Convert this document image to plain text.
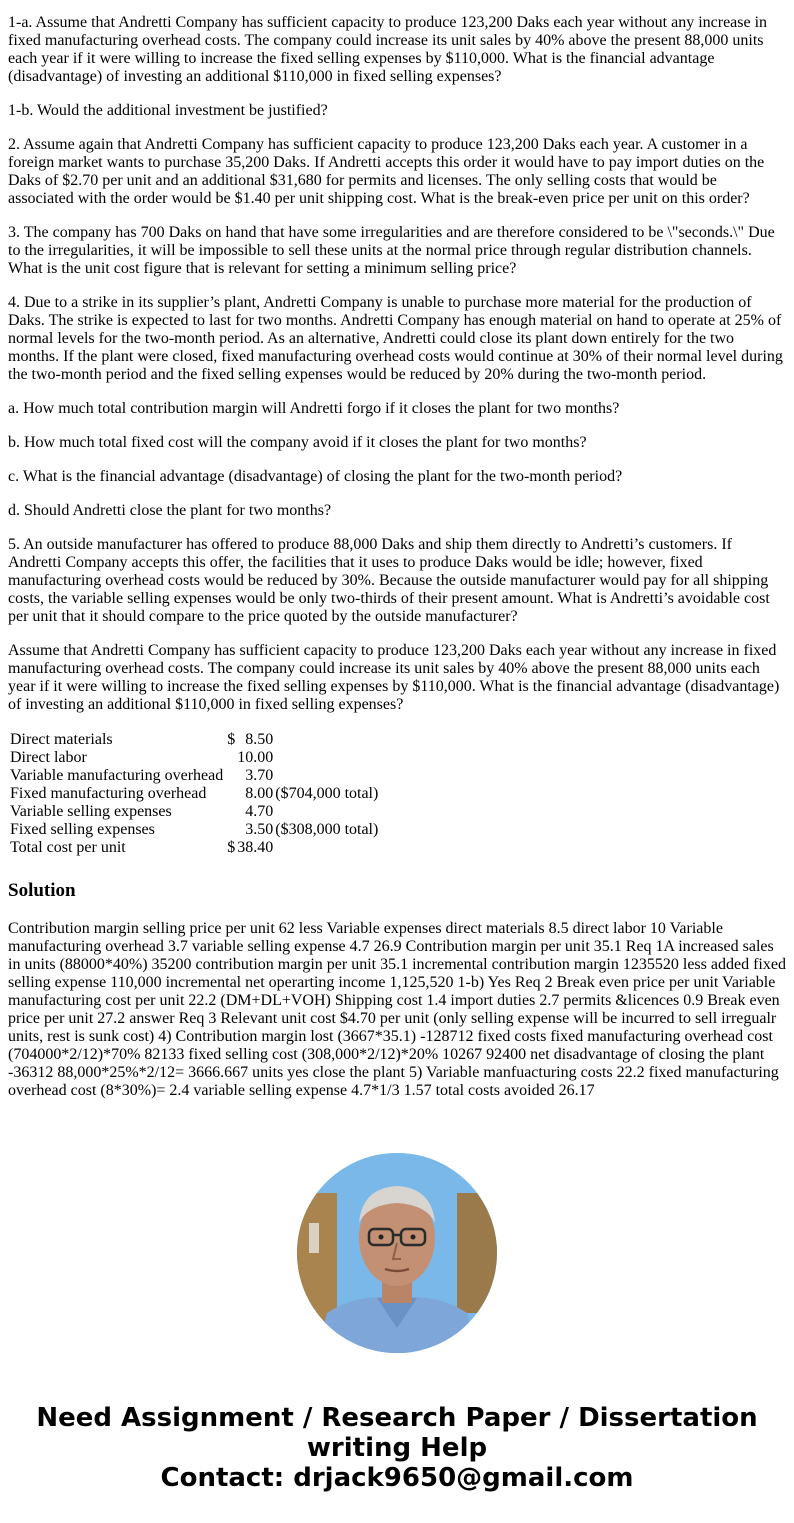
1-a. Assume that Andretti Company has sufficient capacity to produce 123,200 Daks each year without any increase in fixed manufacturing overhead costs. The company could increase its unit sales by 40% above the present 88,000 units each year if it were willing to increase the fixed selling expenses by $110,000. What is the financial advantage (disadvantage) of investing an additional $110,000 in fixed selling expenses?

1-b. Would the additional investment be justified?

2. Assume again that Andretti Company has sufficient capacity to produce 123,200 Daks each year. A customer in a foreign market wants to purchase 35,200 Daks. If Andretti accepts this order it would have to pay import duties on the Daks of $2.70 per unit and an additional $31,680 for permits and licenses. The only selling costs that would be associated with the order would be $1.40 per unit shipping cost. What is the break-even price per unit on this order?

3. The company has 700 Daks on hand that have some irregularities and are therefore considered to be \"seconds.\" Due to the irregularities, it will be impossible to sell these units at the normal price through regular distribution channels. What is the unit cost figure that is relevant for setting a minimum selling price?

4. Due to a strike in its supplier’s plant, Andretti Company is unable to purchase more material for the production of Daks. The strike is expected to last for two months. Andretti Company has enough material on hand to operate at 25% of normal levels for the two-month period. As an alternative, Andretti could close its plant down entirely for the two months. If the plant were closed, fixed manufacturing overhead costs would continue at 30% of their normal level during the two-month period and the fixed selling expenses would be reduced by 20% during the two-month period.

a. How much total contribution margin will Andretti forgo if it closes the plant for two months?

b. How much total fixed cost will the company avoid if it closes the plant for two months?

c. What is the financial advantage (disadvantage) of closing the plant for the two-month period?

d. Should Andretti close the plant for two months?

5. An outside manufacturer has offered to produce 88,000 Daks and ship them directly to Andretti’s customers. If Andretti Company accepts this offer, the facilities that it uses to produce Daks would be idle; however, fixed manufacturing overhead costs would be reduced by 30%. Because the outside manufacturer would pay for all shipping costs, the variable selling expenses would be only two-thirds of their present amount. What is Andretti’s avoidable cost per unit that it should compare to the price quoted by the outside manufacturer?

Assume that Andretti Company has sufficient capacity to produce 123,200 Daks each year without any increase in fixed manufacturing overhead costs. The company could increase its unit sales by 40% above the present 88,000 units each year if it were willing to increase the fixed selling expenses by $110,000. What is the financial advantage (disadvantage) of investing an additional $110,000 in fixed selling expenses?

Direct materials	$	8.50	
Direct labor		10.00	
Variable manufacturing overhead		3.70	
Fixed manufacturing overhead		8.00	($704,000 total)
Variable selling expenses		4.70	
Fixed selling expenses		3.50	($308,000 total)
Total cost per unit	$	38.40	
Solution

Contribution margin selling price per unit 62 less Variable expenses direct materials 8.5 direct labor 10 Variable manufacturing overhead 3.7 variable selling expense 4.7 26.9 Contribution margin per unit 35.1 Req 1A increased sales in units (88000*40%) 35200 contribution margin per unit 35.1 incremental contribution margin 1235520 less added fixed selling expense 110,000 incremental net operarting income 1,125,520 1-b) Yes Req 2 Break even price per unit Variable manufacturing cost per unit 22.2 (DM+DL+VOH) Shipping cost 1.4 import duties 2.7 permits &licences 0.9 Break even price per unit 27.2 answer Req 3 Relevant unit cost $4.70 per unit (only selling expense will be incurred to sell irregualr units, rest is sunk cost) 4) Contribution margin lost (3667*35.1) -128712 fixed costs fixed manufacturing overhead cost (704000*2/12)*70% 82133 fixed selling cost (308,000*2/12)*20% 10267 92400 net disadvantage of closing the plant -36312 88,000*25%*2/12= 3666.667 units yes close the plant 5) Variable manfuacturing costs 22.2 fixed manufacturing overhead cost (8*30%)= 2.4 variable selling expense 4.7*1/3 1.57 total costs avoided 26.17

Need Assignment / Research Paper / Dissertation
writing Help
Contact: drjack9650@gmail.com
